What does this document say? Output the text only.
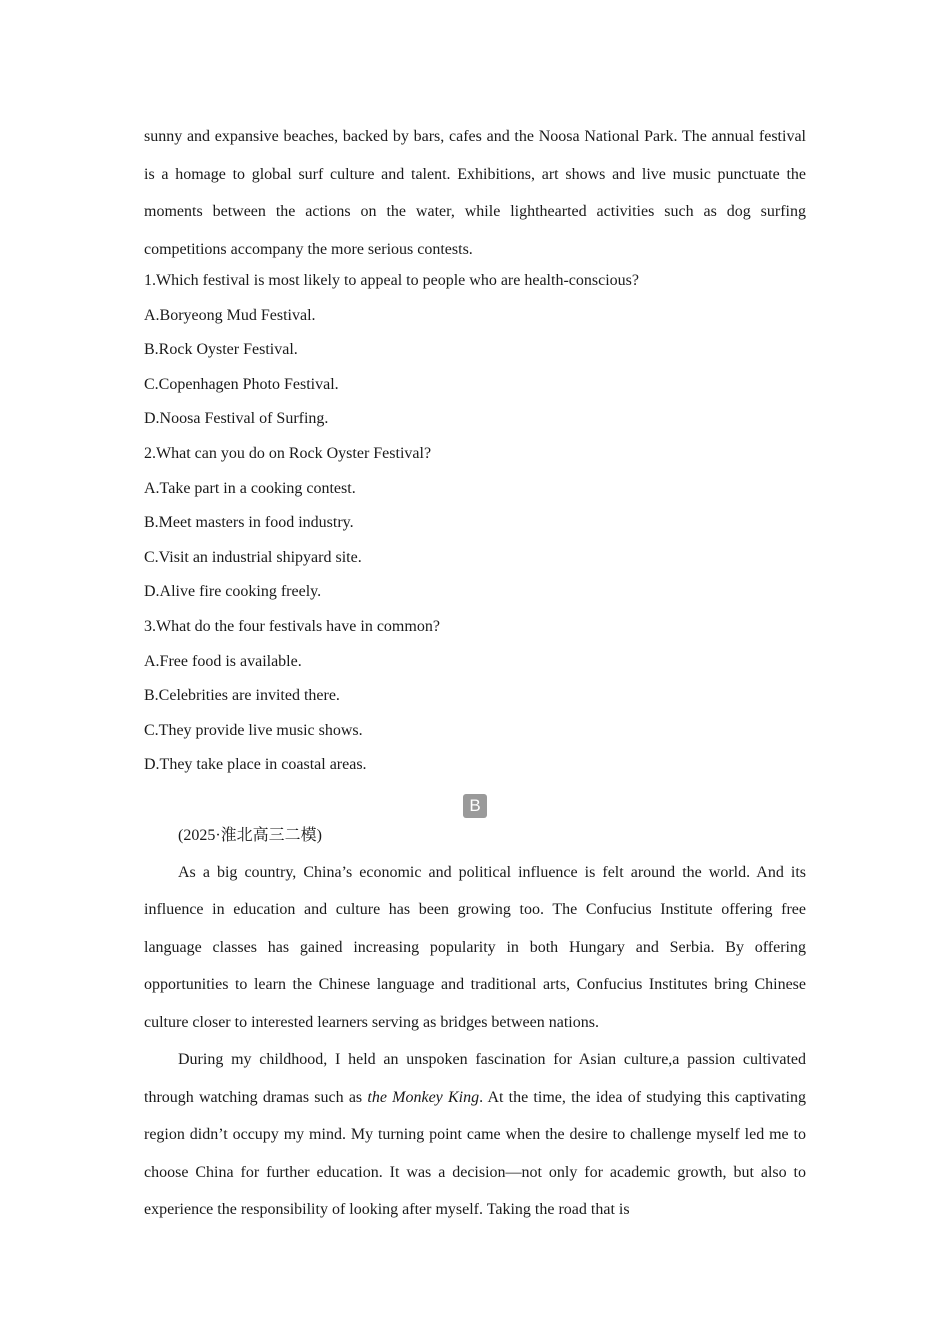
sunny and expansive beaches, backed by bars, cafes and the Noosa National Park. The annual festival is a homage to global surf culture and talent. Exhibitions, art shows and live music punctuate the moments between the actions on the water, while lighthearted activities such as dog surfing competitions accompany the more serious contests.

1.Which festival is most likely to appeal to people who are health-conscious?

A.Boryeong Mud Festival.

B.Rock Oyster Festival.

C.Copenhagen Photo Festival.

D.Noosa Festival of Surfing.

2.What can you do on Rock Oyster Festival?

A.Take part in a cooking contest.

B.Meet masters in food industry.

C.Visit an industrial shipyard site.

D.Alive fire cooking freely.

3.What do the four festivals have in common?

A.Free food is available.

B.Celebrities are invited there.

C.They provide live music shows.

D.They take place in coastal areas.

B

(2025·淮北高三二模)

As a big country, China’s economic and political influence is felt around the world. And its influence in education and culture has been growing too. The Confucius Institute offering free language classes has gained increasing popularity in both Hungary and Serbia. By offering opportunities to learn the Chinese language and traditional arts, Confucius Institutes bring Chinese culture closer to interested learners serving as bridges between nations.

During my childhood, I held an unspoken fascination for Asian culture,a passion cultivated through watching dramas such as the Monkey King. At the time, the idea of studying this captivating region didn’t occupy my mind. My turning point came when the desire to challenge myself led me to choose China for further education. It was a decision—not only for academic growth, but also to experience the responsibility of looking after myself. Taking the road that is
